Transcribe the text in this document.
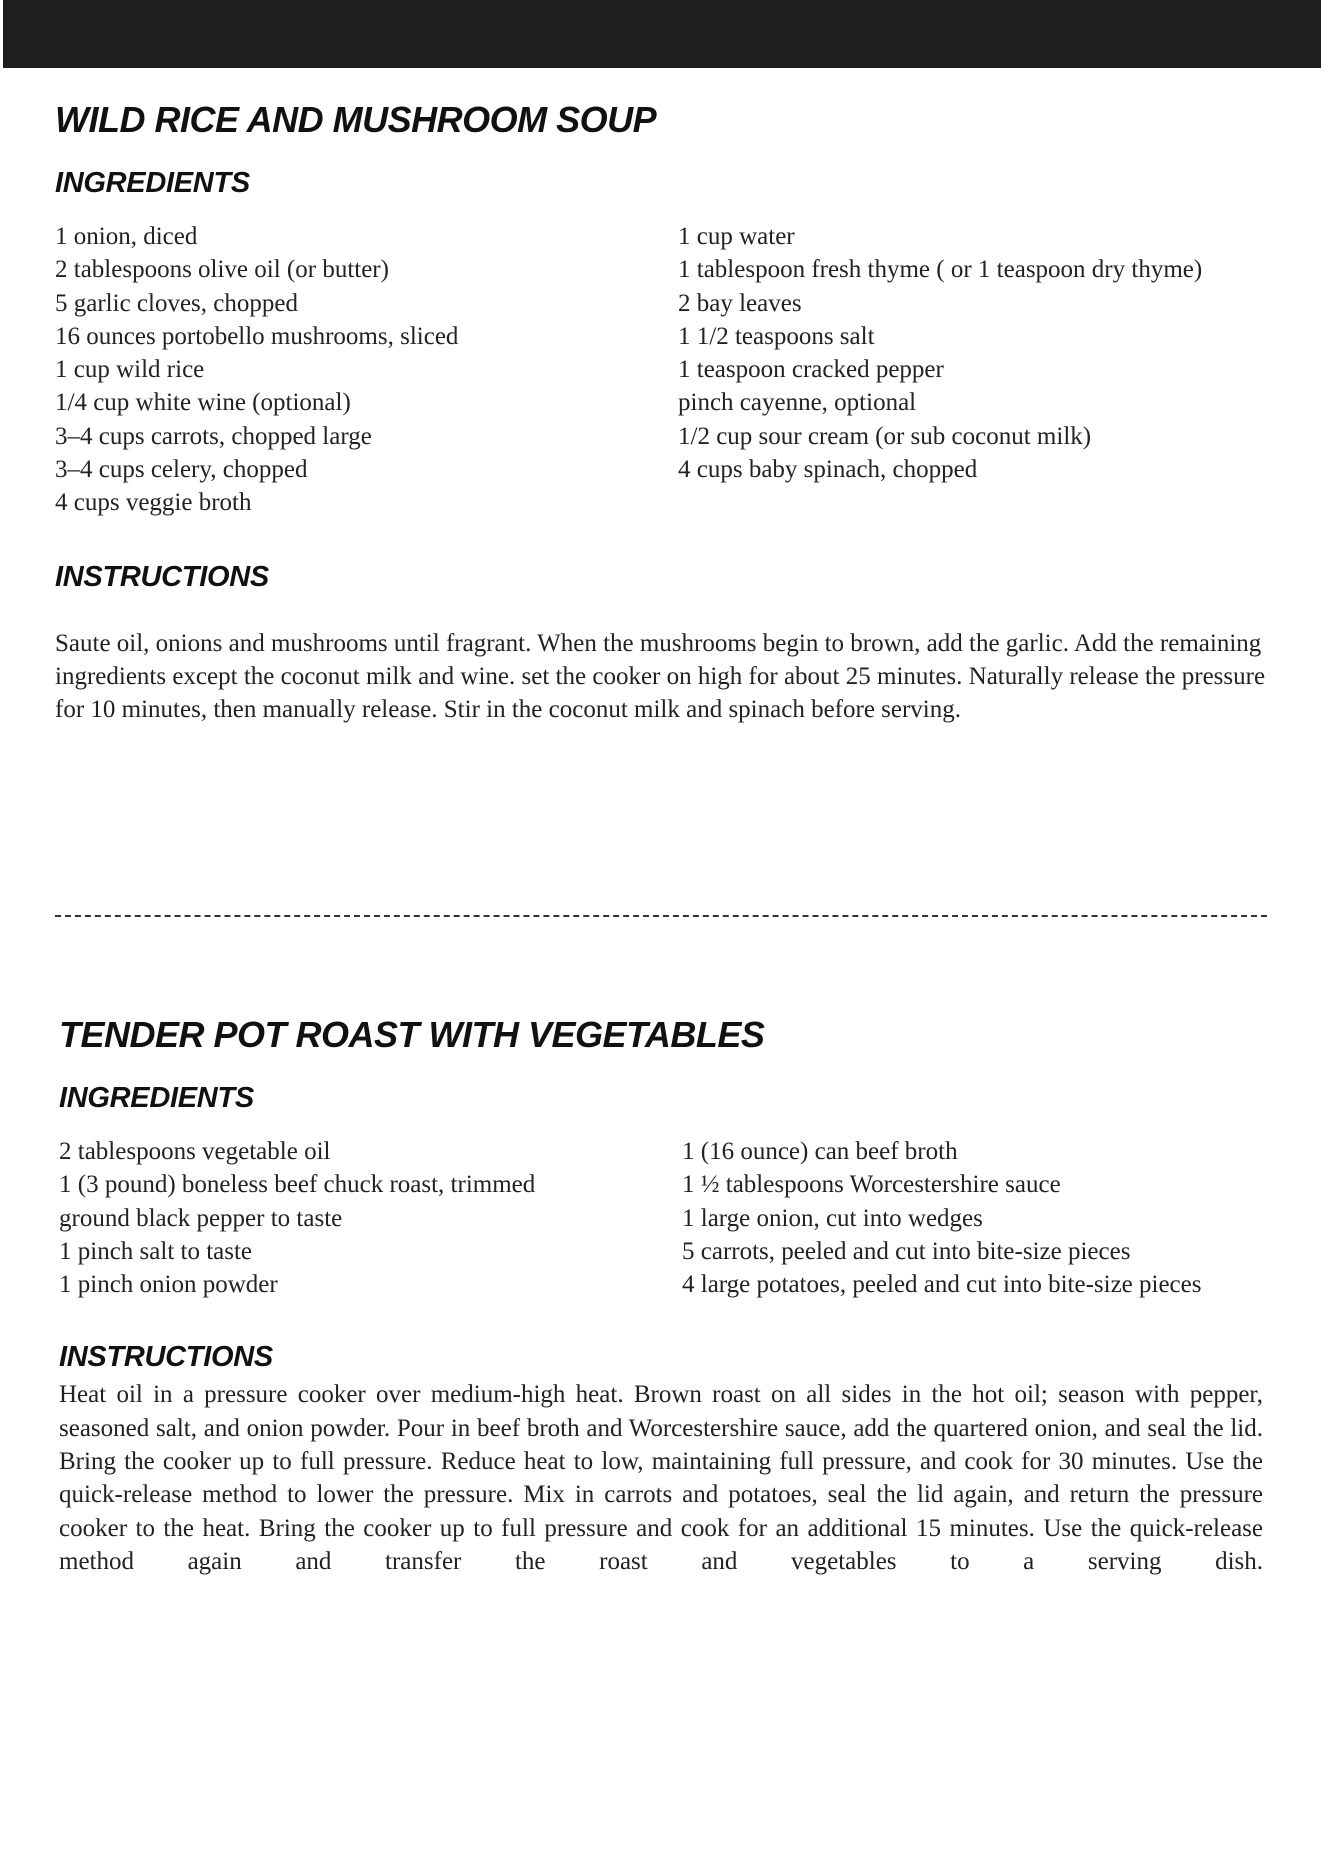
WILD RICE AND MUSHROOM SOUP
INGREDIENTS
1 onion, diced
2 tablespoons olive oil (or butter)
5 garlic cloves, chopped
16 ounces portobello mushrooms, sliced
1 cup wild rice
1/4 cup white wine (optional)
3–4 cups carrots, chopped large
3–4 cups celery, chopped
4 cups veggie broth
1 cup water
1 tablespoon fresh thyme ( or 1 teaspoon dry thyme)
2 bay leaves
1 1/2 teaspoons salt
1 teaspoon cracked pepper
pinch cayenne, optional
1/2 cup sour cream (or sub coconut milk)
4 cups baby spinach, chopped
INSTRUCTIONS

Saute oil, onions and mushrooms until fragrant. When the mushrooms begin to brown, add the garlic. Add the remaining ingredients except the coconut milk and wine. set the cooker on high for about 25 minutes. Naturally release the pressure for 10 minutes, then manually release. Stir in the coconut milk and spinach before serving.

TENDER POT ROAST WITH VEGETABLES
INGREDIENTS
2 tablespoons vegetable oil
1 (3 pound) boneless beef chuck roast, trimmed
ground black pepper to taste
1 pinch salt to taste
1 pinch onion powder
1 (16 ounce) can beef broth
1 ½ tablespoons Worcestershire sauce
1 large onion, cut into wedges
5 carrots, peeled and cut into bite-size pieces
4 large potatoes, peeled and cut into bite-size pieces
INSTRUCTIONS

Heat oil in a pressure cooker over medium-high heat. Brown roast on all sides in the hot oil; season with pepper, seasoned salt, and onion powder. Pour in beef broth and Worcestershire sauce, add the quartered onion, and seal the lid. Bring the cooker up to full pressure. Reduce heat to low, maintaining full pressure, and cook for 30 minutes. Use the quick-release method to lower the pressure. Mix in carrots and potatoes, seal the lid again, and return the pressure cooker to the heat. Bring the cooker up to full pressure and cook for an additional 15 minutes. Use the quick-release method again and transfer the roast and vegetables to a serving dish.
